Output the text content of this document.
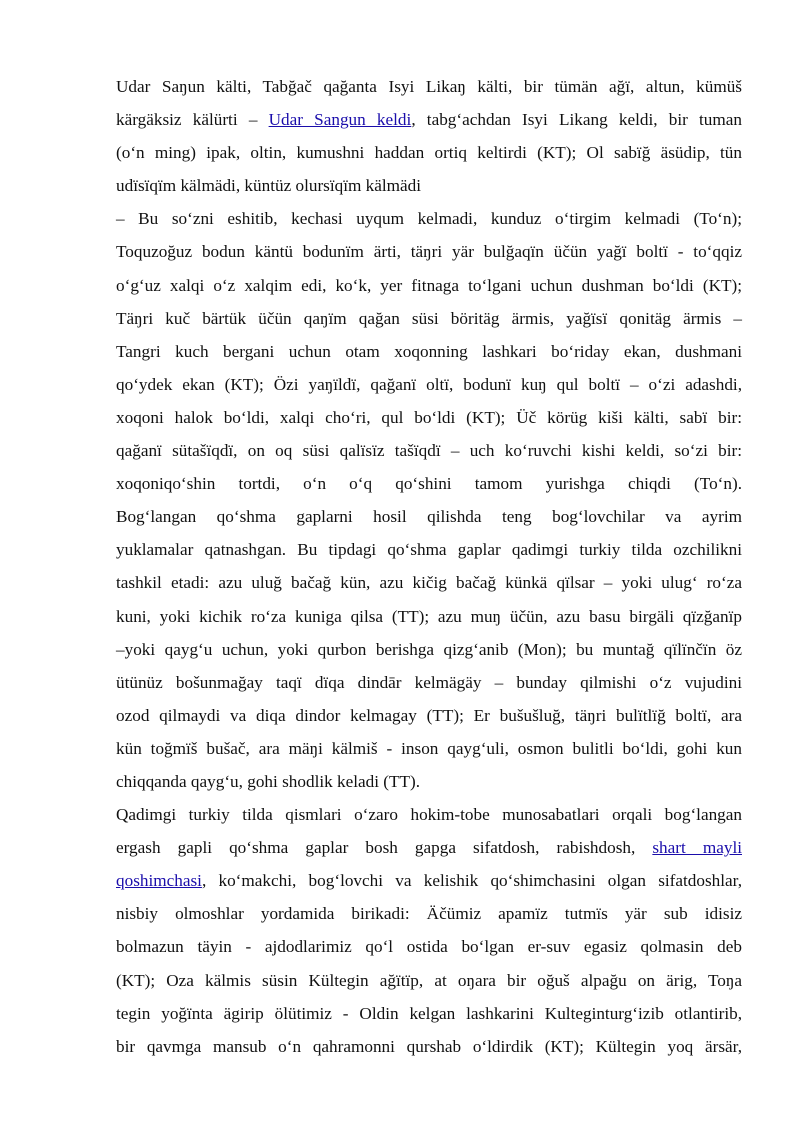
Udar Saŋun kälti, Tabğač qağanta Isyi Likaŋ kälti, bir tümän ağï, altun, kümüš
kärgäksiz kälürti – Udar Sangun keldi, tabg‘achdan Isyi Likang keldi, bir tuman
(o‘n ming) ipak, oltin, kumushni haddan ortiq keltirdi (KT); Ol sabïğ äsüdip, tün
udïsïqïm kälmädi, küntüz olursïqïm kälmädi

– Bu so‘zni eshitib, kechasi uyqum kelmadi, kunduz o‘tirgim kelmadi (To‘n);
Toquzoğuz bodun käntü bodunïm ärti, täŋri yär bulğaqïn üčün yağï boltï - to‘qqiz
o‘g‘uz xalqi o‘z xalqim edi, ko‘k, yer fitnaga to‘lgani uchun dushman bo‘ldi (KT);
Täŋri kuč bärtük üčün qaŋïm qağan süsi böritäg ärmis, yağïsï qonitäg ärmis –
Tangri kuch bergani uchun otam xoqonning lashkari bo‘riday ekan, dushmani
qo‘ydek ekan (KT); Özi yaŋïldï, qağanï oltï, bodunï kuŋ qul boltï – o‘zi adashdi,
xoqoni halok bo‘ldi, xalqi cho‘ri, qul bo‘ldi (KT); Üč körüg kiši kälti, sabï bir:
qağanï sütašïqdï, on oq süsi qalïsïz tašïqdï – uch ko‘ruvchi kishi keldi, so‘zi bir:
xoqoniqo‘shin tortdi, o‘n o‘q qo‘shini tamom yurishga chiqdi (To‘n).
Bog‘langan qo‘shma gaplarni hosil qilishda teng bog‘lovchilar va ayrim
yuklamalar qatnashgan. Bu tipdagi qo‘shma gaplar qadimgi turkiy tilda ozchilikni
tashkil etadi: azu uluğ bačağ kün, azu kičig bačağ künkä qïlsar – yoki ulug‘ ro‘za
kuni, yoki kichik ro‘za kuniga qilsa (TT); azu muŋ üčün, azu basu birgäli qïzğanïp
–yoki qayg‘u uchun, yoki qurbon berishga qizg‘anib (Mon); bu muntağ qïlïnčïn öz
ütünüz bošunmağay taqï dïqa dindār kelmägäy – bunday qilmishi o‘z vujudini
ozod qilmaydi va diqa dindor kelmagay (TT); Er bušušluğ, täŋri bulïtlïğ boltï, ara
kün toğmïš bušač, ara mäŋi kälmiš - inson qayg‘uli, osmon bulitli bo‘ldi, gohi kun
chiqqanda qayg‘u, gohi shodlik keladi (TT).

Qadimgi turkiy tilda qismlari o‘zaro hokim-tobe munosabatlari orqali bog‘langan
ergash gapli qo‘shma gaplar bosh gapga sifatdosh, rabishdosh, shart mayli
qoshimchasi, ko‘makchi, bog‘lovchi va kelishik qo‘shimchasini olgan sifatdoshlar,
nisbiy olmoshlar yordamida birikadi: Äčümiz apamïz tutmïs yär sub idisiz
bolmazun täyin - ajdodlarimiz qo‘l ostida bo‘lgan er-suv egasiz qolmasin deb
(KT); Oza kälmis süsin Kültegin ağïtïp, at oŋara bir oğuš alpağu on ärig, Toŋa
tegin yoğïnta ägirip ölütimiz - Oldin kelgan lashkarini Kulteginturg‘izib otlantirib,
bir qavmga mansub o‘n qahramonni qurshab o‘ldirdik (KT); Kültegin yoq ärsär,
